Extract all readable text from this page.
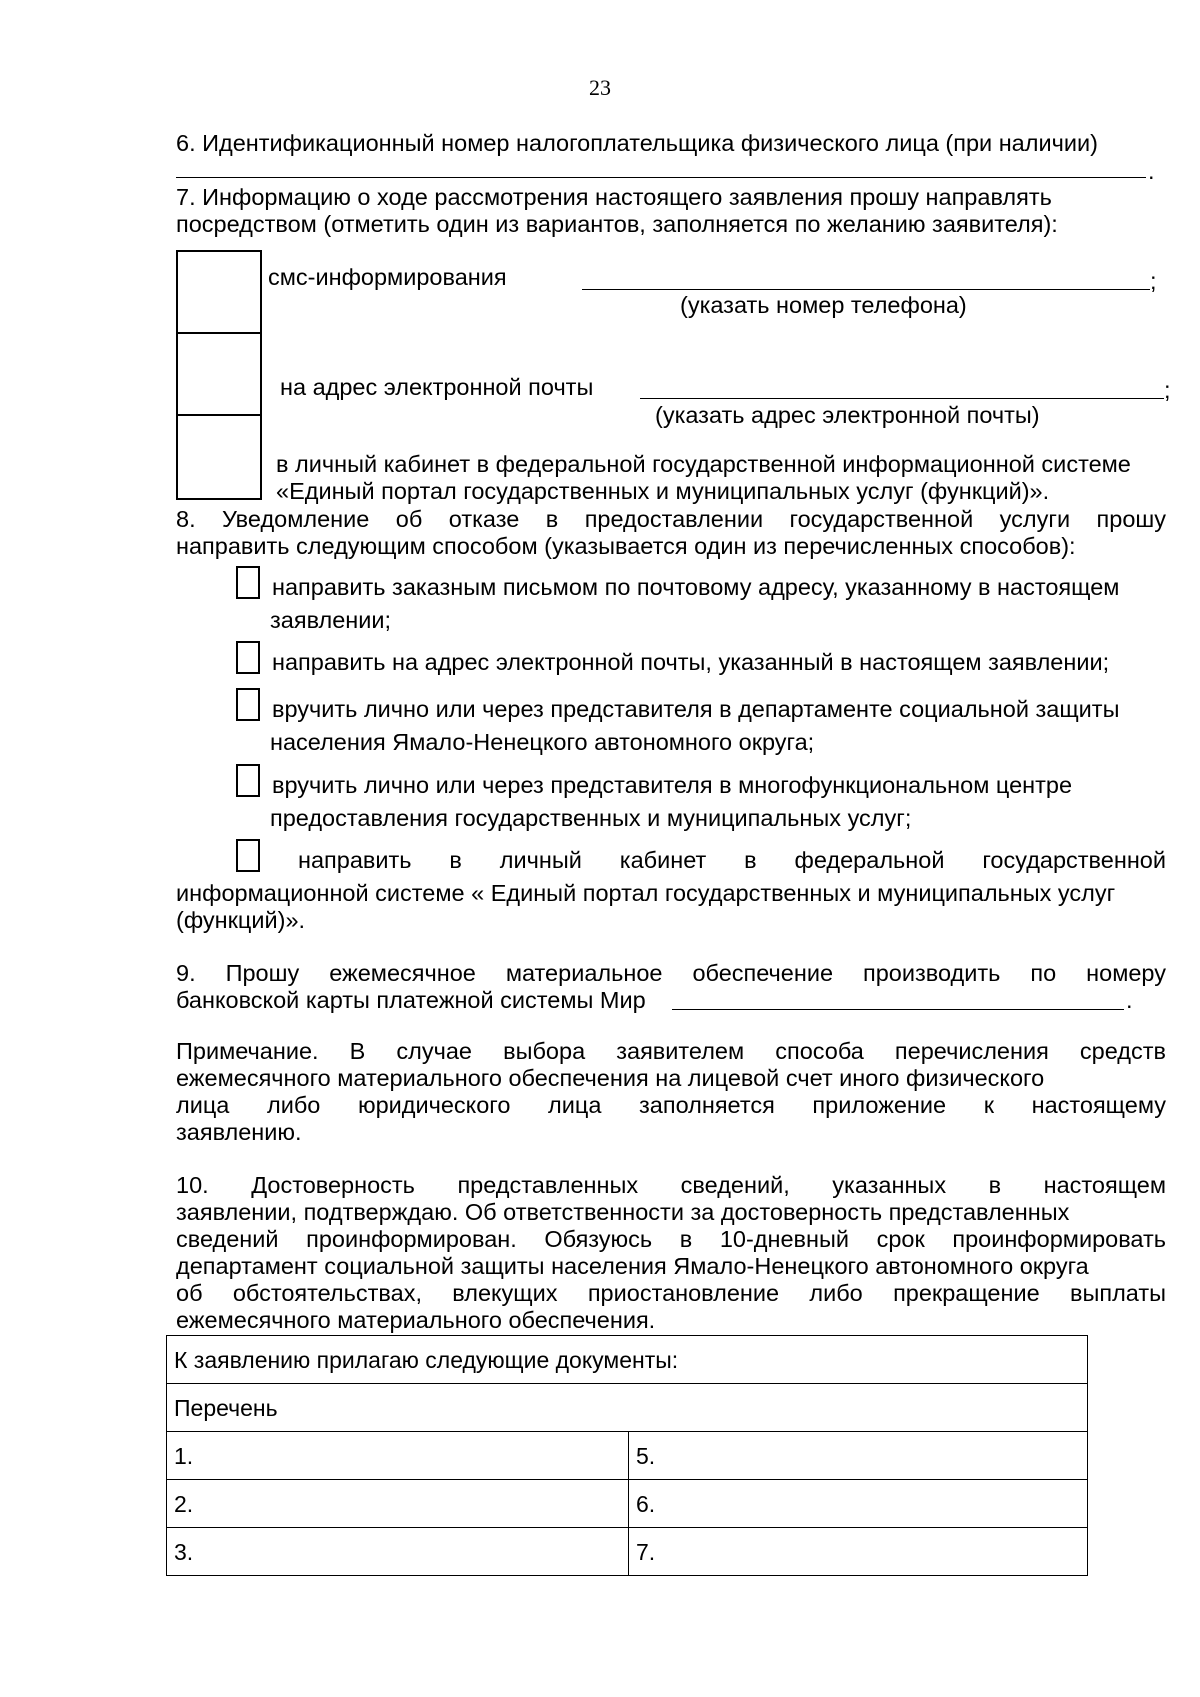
23
6. Идентификационный номер налогоплательщика физического лица (при наличии)
.
7. Информацию о ходе рассмотрения настоящего заявления прошу направлять
посредством (отметить один из вариантов, заполняется по желанию заявителя):
смс-информирования	;
(указать номер телефона)
на адрес электронной почты	;
(указать адрес электронной почты)
в личный кабинет в федеральной государственной информационной системе
«Единый портал государственных и муниципальных услуг (функций)».
8. Уведомление об отказе в предоставлении государственной услуги прошу
направить следующим способом (указывается один из перечисленных способов):
направить заказным письмом по почтовому адресу, указанному в настоящем
заявлении;
направить на адрес электронной почты, указанный в настоящем заявлении;
вручить лично или через представителя в департаменте социальной защиты
населения Ямало-Ненецкого автономного округа;
вручить лично или через представителя в многофункциональном центре
предоставления государственных и муниципальных услуг;
направить в личный кабинет в федеральной государственной
информационной системе « Единый портал государственных и муниципальных услуг
(функций)».
9. Прошу ежемесячное материальное обеспечение производить по номеру
банковской карты платежной системы Мир	.
Примечание. В случае выбора заявителем способа перечисления средств
ежемесячного материального обеспечения на лицевой счет иного физического
лица либо юридического лица заполняется приложение к настоящему
заявлению.
10. Достоверность представленных сведений, указанных в настоящем
заявлении, подтверждаю. Об ответственности за достоверность представленных
сведений проинформирован. Обязуюсь в 10-дневный срок проинформировать
департамент социальной защиты населения Ямало-Ненецкого автономного округа
об обстоятельствах, влекущих приостановление либо прекращение выплаты
ежемесячного материального обеспечения.
К заявлению прилагаю следующие документы:	
Перечень	
1.	5.
2.	6.
3.	7.
